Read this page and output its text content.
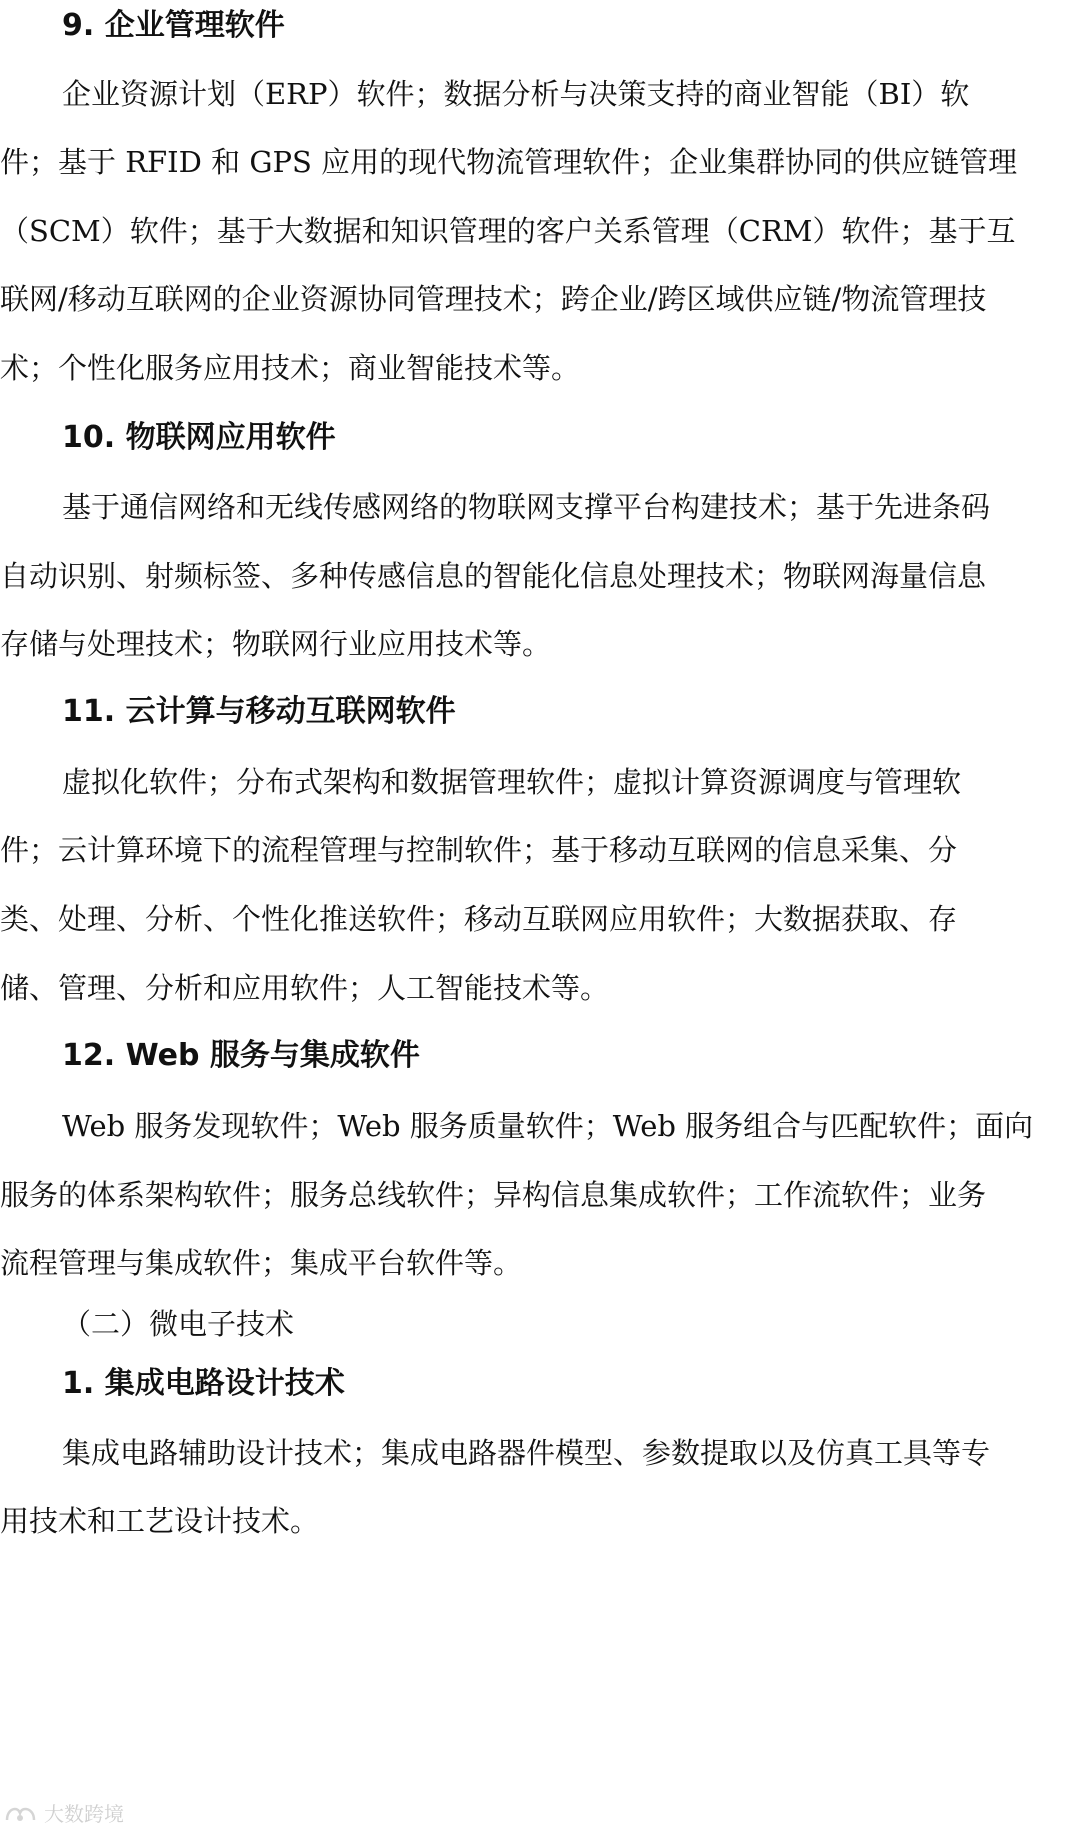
9. 企业管理软件
企业资源计划（ERP）软件；数据分析与决策支持的商业智能（BI）软
件；基于 RFID 和 GPS 应用的现代物流管理软件；企业集群协同的供应链管理
（SCM）软件；基于大数据和知识管理的客户关系管理（CRM）软件；基于互
联网/移动互联网的企业资源协同管理技术；跨企业/跨区域供应链/物流管理技
术；个性化服务应用技术；商业智能技术等。
10. 物联网应用软件
基于通信网络和无线传感网络的物联网支撑平台构建技术；基于先进条码
自动识别、射频标签、多种传感信息的智能化信息处理技术；物联网海量信息
存储与处理技术；物联网行业应用技术等。
11. 云计算与移动互联网软件
虚拟化软件；分布式架构和数据管理软件；虚拟计算资源调度与管理软
件；云计算环境下的流程管理与控制软件；基于移动互联网的信息采集、分
类、处理、分析、个性化推送软件；移动互联网应用软件；大数据获取、存
储、管理、分析和应用软件；人工智能技术等。
12. Web 服务与集成软件
Web 服务发现软件；Web 服务质量软件；Web 服务组合与匹配软件；面向
服务的体系架构软件；服务总线软件；异构信息集成软件；工作流软件；业务
流程管理与集成软件；集成平台软件等。
（二）微电子技术
1. 集成电路设计技术
集成电路辅助设计技术；集成电路器件模型、参数提取以及仿真工具等专
用技术和工艺设计技术。
大数跨境
